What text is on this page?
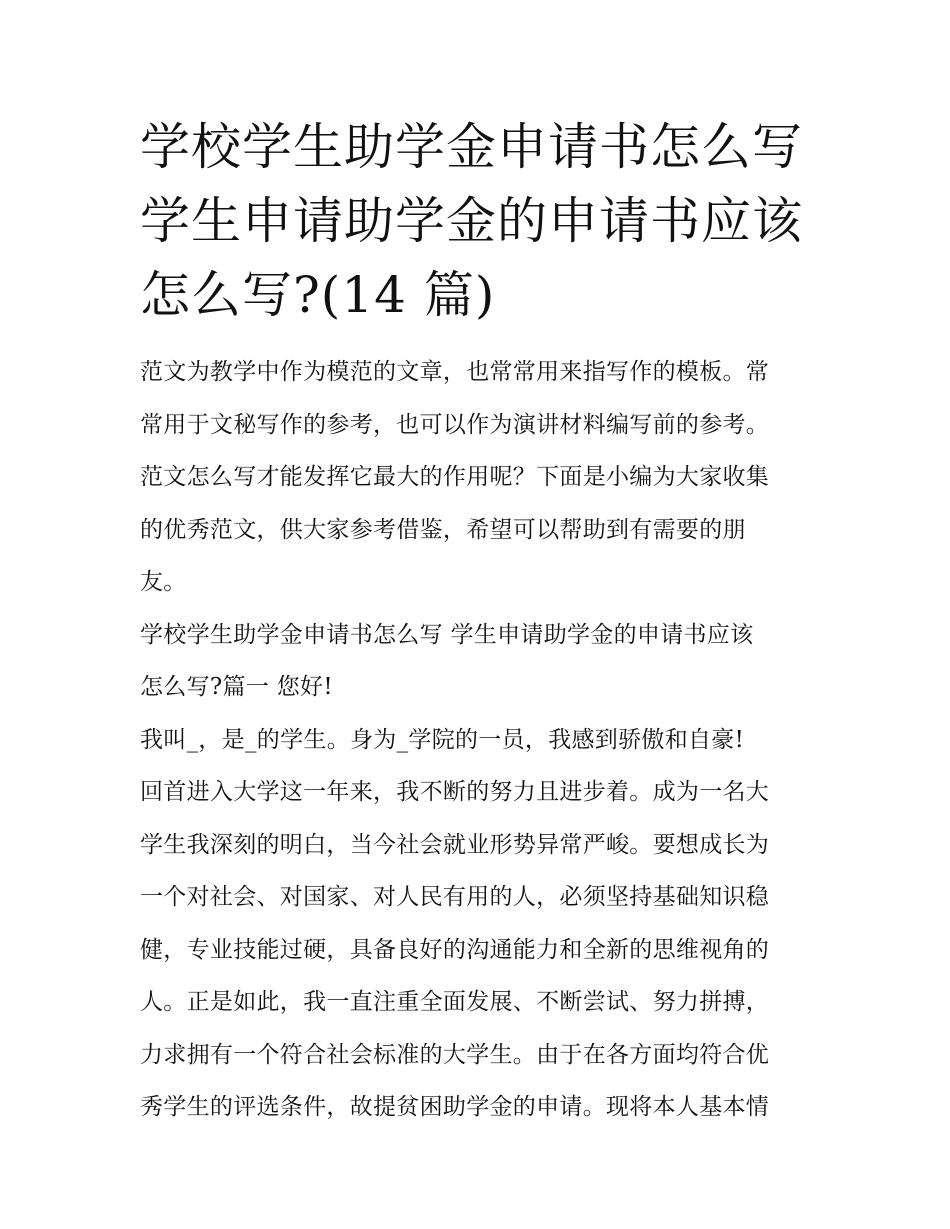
学校学生助学金申请书怎么写
学生申请助学金的申请书应该
怎么写?(14 篇)
范文为教学中作为模范的文章，也常常用来指写作的模板。常
常用于文秘写作的参考，也可以作为演讲材料编写前的参考。
范文怎么写才能发挥它最大的作用呢？下面是小编为大家收集
的优秀范文，供大家参考借鉴，希望可以帮助到有需要的朋
友。
学校学生助学金申请书怎么写 学生申请助学金的申请书应该
怎么写?篇一 您好!
我叫_，是_的学生。身为_学院的一员，我感到骄傲和自豪!
回首进入大学这一年来，我不断的努力且进步着。成为一名大
学生我深刻的明白，当今社会就业形势异常严峻。要想成长为
一个对社会、对国家、对人民有用的人，必须坚持基础知识稳
健，专业技能过硬，具备良好的沟通能力和全新的思维视角的
人。正是如此，我一直注重全面发展、不断尝试、努力拼搏，
力求拥有一个符合社会标准的大学生。由于在各方面均符合优
秀学生的评选条件，故提贫困助学金的申请。现将本人基本情
